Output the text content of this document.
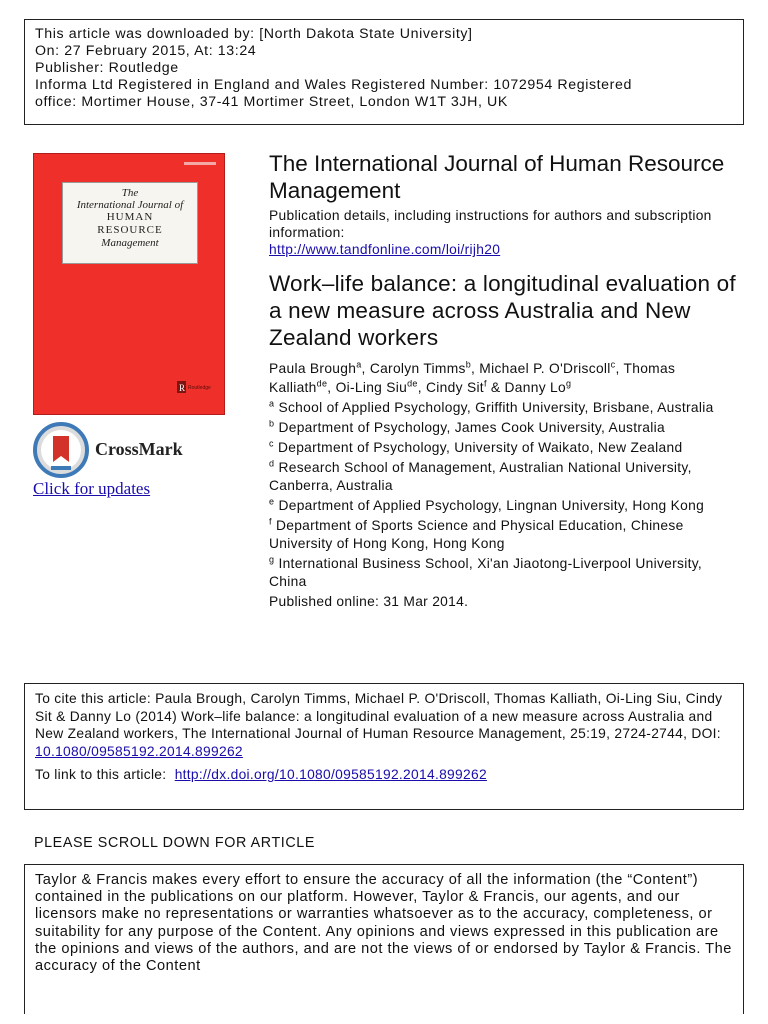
This article was downloaded by: [North Dakota State University]
On: 27 February 2015, At: 13:24
Publisher: Routledge
Informa Ltd Registered in England and Wales Registered Number: 1072954 Registered
office: Mortimer House, 37-41 Mortimer Street, London W1T 3JH, UK
The
International Journal of
HUMAN
RESOURCE
Management
R Routledge
CrossMark
Click for updates
The International Journal of Human Resource Management
Publication details, including instructions for authors and subscription information:
http://www.tandfonline.com/loi/rijh20
Work–life balance: a longitudinal evaluation of a new measure across Australia and New Zealand workers
Paula Brough$^a$, Carolyn Timms$^b$, Michael P. O'Driscoll$^c$, Thomas Kalliath$^{de}$, Oi-Ling Siu$^{de}$, Cindy Sit$^f$ & Danny Lo$^g$
$^a$ School of Applied Psychology, Griffith University, Brisbane, Australia
$^b$ Department of Psychology, James Cook University, Australia
$^c$ Department of Psychology, University of Waikato, New Zealand
$^d$ Research School of Management, Australian National University, Canberra, Australia
$^e$ Department of Applied Psychology, Lingnan University, Hong Kong
$^f$ Department of Sports Science and Physical Education, Chinese University of Hong Kong, Hong Kong
$^g$ International Business School, Xi'an Jiaotong-Liverpool University, China
Published online: 31 Mar 2014.
To cite this article: Paula Brough, Carolyn Timms, Michael P. O'Driscoll, Thomas Kalliath, Oi-Ling Siu, Cindy Sit & Danny Lo (2014) Work–life balance: a longitudinal evaluation of a new measure across Australia and New Zealand workers, The International Journal of Human Resource Management, 25:19, 2724-2744, DOI: 10.1080/09585192.2014.899262
To link to this article:  http://dx.doi.org/10.1080/09585192.2014.899262
PLEASE SCROLL DOWN FOR ARTICLE
Taylor & Francis makes every effort to ensure the accuracy of all the information (the “Content”) contained in the publications on our platform. However, Taylor & Francis, our agents, and our licensors make no representations or warranties whatsoever as to the accuracy, completeness, or suitability for any purpose of the Content. Any opinions and views expressed in this publication are the opinions and views of the authors, and are not the views of or endorsed by Taylor & Francis. The accuracy of the Content
